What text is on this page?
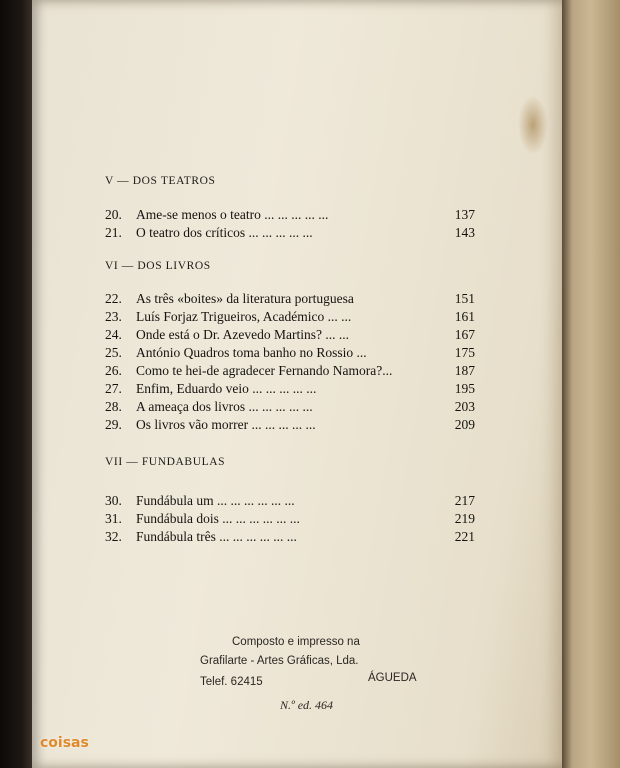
V — DOS TEATROS
VI — DOS LIVROS
VII — FUNDABULAS
20.	Ame-se menos o teatro ... ... ... ... ...	137
21.	O teatro dos críticos ... ... ... ... ...	143
22.	As três «boites» da literatura portuguesa	151
23.	Luís Forjaz Trigueiros, Académico ... ...	161
24.	Onde está o Dr. Azevedo Martins? ... ...	167
25.	António Quadros toma banho no Rossio ...	175
26.	Como te hei-de agradecer Fernando Namora?...	187
27.	Enfim, Eduardo veio ... ... ... ... ...	195
28.	A ameaça dos livros ... ... ... ... ...	203
29.	Os livros vão morrer ... ... ... ... ...	209
30.	Fundábula um ... ... ... ... ... ...	217
31.	Fundábula dois ... ... ... ... ... ...	219
32.	Fundábula três ... ... ... ... ... ...	221
Composto e impresso na
Grafilarte - Artes Gráficas, Lda.
Telef. 62415	ÁGUEDA
N.º ed. 464
coisas
